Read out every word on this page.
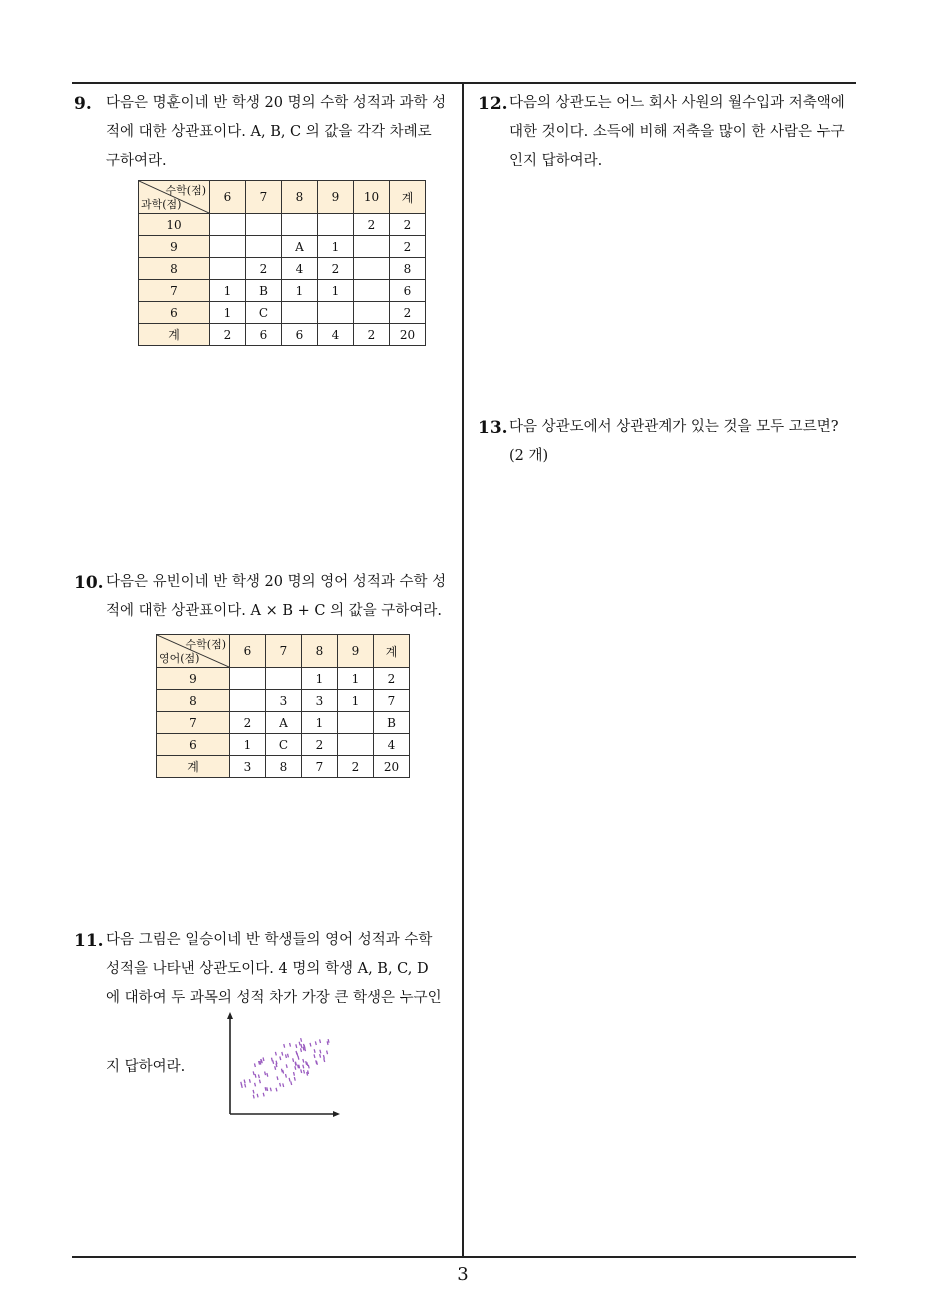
3
9. 다음은 명훈이네 반 학생 20 명의 수학 성적과 과학 성
적에 대한 상관표이다. A, B, C 의 값을 각각 차례로
구하여라.
수학(점)
과학(점)	6	7	8	9	10	계
10					2	2
9			A	1		2
8		2	4	2		8
7	1	B	1	1		6
6	1	C				2
계	2	6	6	4	2	20
10. 다음은 유빈이네 반 학생 20 명의 영어 성적과 수학 성
적에 대한 상관표이다. A × B + C 의 값을 구하여라.
수학(점)
영어(점)	6	7	8	9	계
9			1	1	2
8		3	3	1	7
7	2	A	1		B
6	1	C	2		4
계	3	8	7	2	20
11. 다음 그림은 일승이네 반 학생들의 영어 성적과 수학
성적을 나타낸 상관도이다. 4 명의 학생 A, B, C, D
에 대하여 두 과목의 성적 차가 가장 큰 학생은 누구인
지 답하여라.
12. 다음의 상관도는 어느 회사 사원의 월수입과 저축액에
대한 것이다. 소득에 비해 저축을 많이 한 사람은 누구
인지 답하여라.
13. 다음 상관도에서 상관관계가 있는 것을 모두 고르면?
(2 개)
